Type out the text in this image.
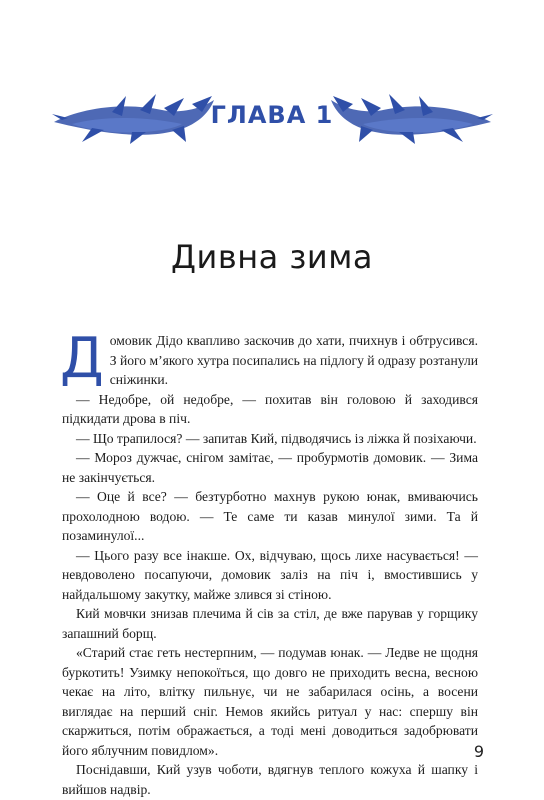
ГЛАВА 1
Дивна зима

Домовик Дідо квапливо заскочив до хати, пчихнув і обтрусився. З його м’якого хутра посипались на підлогу й одразу розтанули сніжинки.

— Недобре, ой недобре, — похитав він головою й заходився підкидати дрова в піч.

— Що трапилося? — запитав Кий, підводячись із ліжка й позіхаючи.

— Мороз дужчає, снігом замітає, — пробурмотів домовик. — Зима не закінчується.

— Оце й все? — безтурботно махнув рукою юнак, вмиваючись прохолодною водою. — Те саме ти казав минулої зими. Та й позаминулої...

— Цього разу все інакше. Ох, відчуваю, щось лихе насувається! — невдоволено посапуючи, домовик заліз на піч і, вмостившись у найдальшому закутку, майже злився зі стіною.

Кий мовчки знизав плечима й сів за стіл, де вже парував у горщику запашний борщ.

«Старий стає геть нестерпним, — подумав юнак. — Ледве не щодня буркотить! Узимку непокоїться, що довго не приходить весна, весною чекає на літо, влітку пильнує, чи не забарилася осінь, а восени виглядає на перший сніг. Немов якийсь ритуал у нас: спершу він скаржиться, потім ображається, а тоді мені доводиться задобрювати його яблучним повидлом».

Поснідавши, Кий узув чоботи, вдягнув теплого кожуха й шапку і вийшов надвір.

9
